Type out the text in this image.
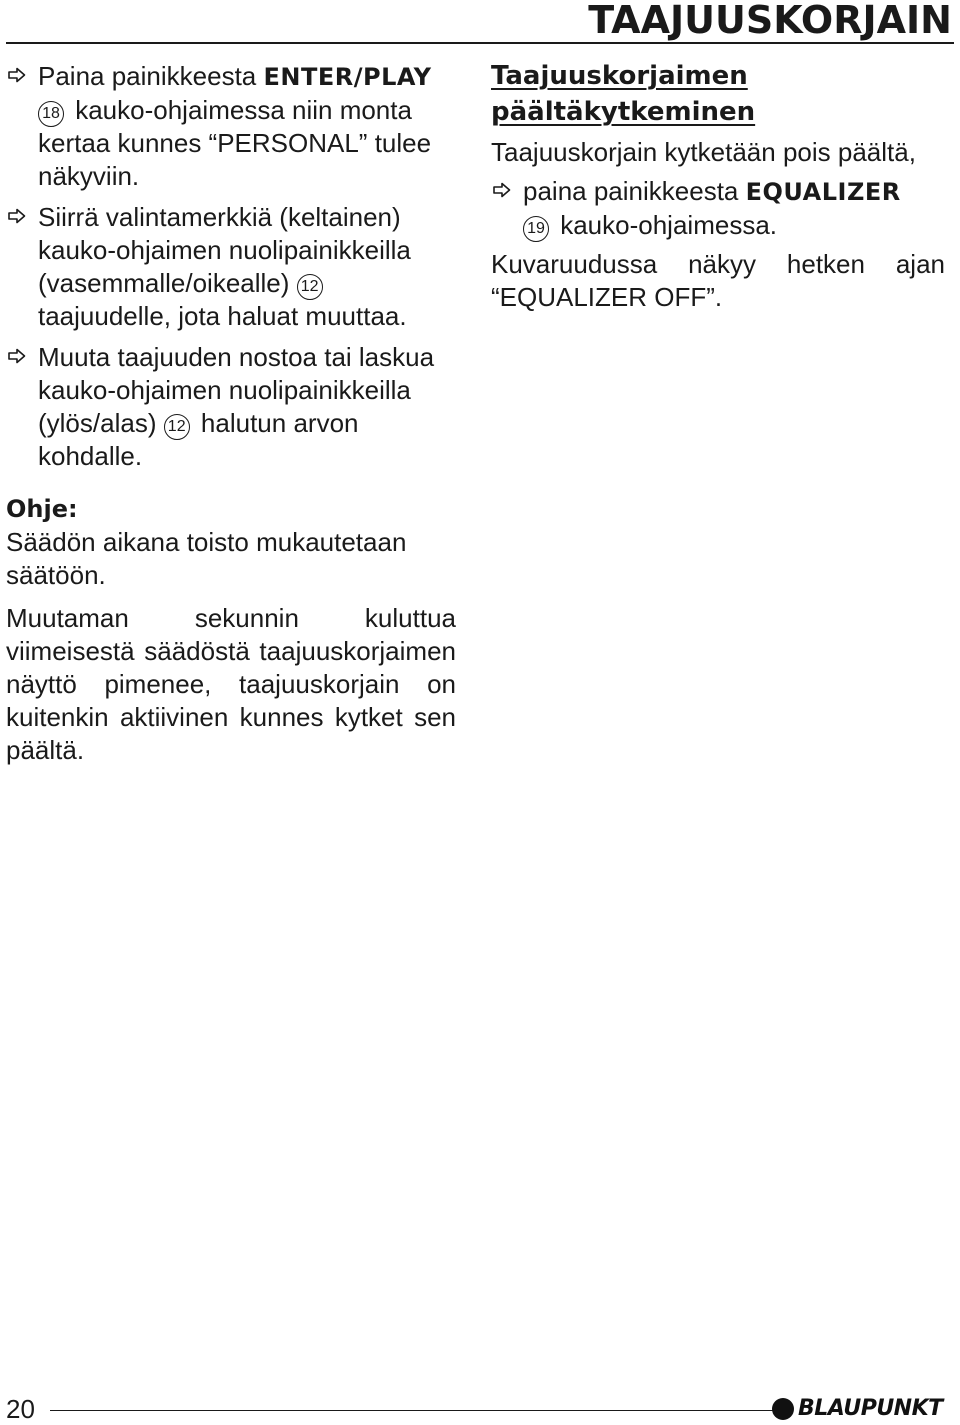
TAAJUUSKORJAIN
Paina painikkeesta ENTER/PLAY
18 kauko-ohjaimessa niin monta kertaa kunnes “PERSONAL” tulee näkyviin.
Siirrä valintamerkkiä (keltainen) kauko-ohjaimen nuolipainikkeilla (vasemmalle/oikealle) 12 taajuudelle, jota haluat muuttaa.
Muuta taajuuden nostoa tai laskua kauko-ohjaimen nuolipainikkeilla (ylös/alas) 12 halutun arvon kohdalle.
Ohje:

Säädön aikana toisto mukautetaan säätöön.

Muutaman sekunnin kuluttua viimeisestä säädöstä taajuuskorjaimen näyttö pimenee, taajuuskorjain on kuitenkin aktiivinen kunnes kytket sen päältä.

Taajuuskorjaimen päältäkytkeminen
Taajuuskorjain kytketään pois päältä,
paina painikkeesta EQUALIZER
19 kauko-ohjaimessa.
Kuvaruudussa näkyy hetken ajan “EQUALIZER OFF”.
20	BLAUPUNKT
